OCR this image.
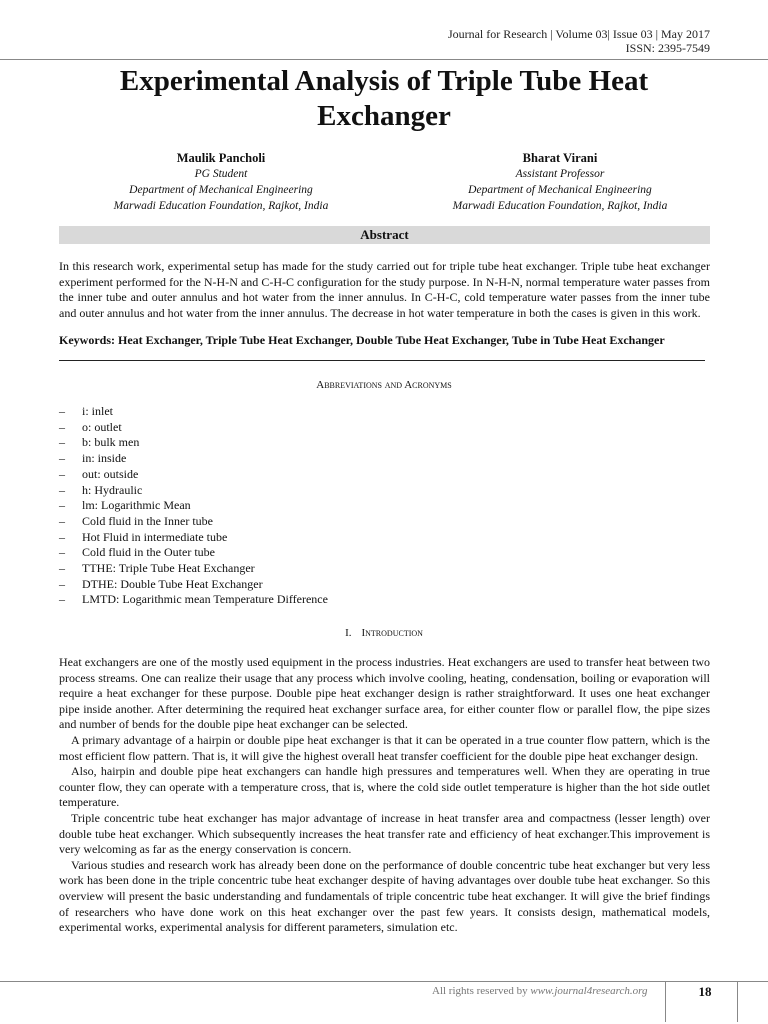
Journal for Research | Volume 03| Issue 03 | May 2017
ISSN: 2395-7549
Experimental Analysis of Triple Tube Heat Exchanger
Maulik Pancholi
PG Student
Department of Mechanical Engineering
Marwadi Education Foundation, Rajkot, India
Bharat Virani
Assistant Professor
Department of Mechanical Engineering
Marwadi Education Foundation, Rajkot, India
Abstract
In this research work, experimental setup has made for the study carried out for triple tube heat exchanger. Triple tube heat exchanger experiment performed for the N-H-N and C-H-C configuration for the study purpose. In N-H-N, normal temperature water passes from the inner tube and outer annulus and hot water from the inner annulus. In C-H-C, cold temperature water passes from the inner tube and outer annulus and hot water from the inner annulus. The decrease in hot water temperature in both the cases is given in this work.
Keywords: Heat Exchanger, Triple Tube Heat Exchanger, Double Tube Heat Exchanger, Tube in Tube Heat Exchanger
Abbreviations and Acronyms
– i: inlet
– o: outlet
– b: bulk men
– in: inside
– out: outside
– h: Hydraulic
– lm: Logarithmic Mean
– Cold fluid in the Inner tube
– Hot Fluid in intermediate tube
– Cold fluid in the Outer tube
– TTHE: Triple Tube Heat Exchanger
– DTHE: Double Tube Heat Exchanger
– LMTD: Logarithmic mean Temperature Difference
I. Introduction

Heat exchangers are one of the mostly used equipment in the process industries. Heat exchangers are used to transfer heat between two process streams. One can realize their usage that any process which involve cooling, heating, condensation, boiling or evaporation will require a heat exchanger for these purpose. Double pipe heat exchanger design is rather straightforward. It uses one heat exchanger pipe inside another. After determining the required heat exchanger surface area, for either counter flow or parallel flow, the pipe sizes and number of bends for the double pipe heat exchanger can be selected.

A primary advantage of a hairpin or double pipe heat exchanger is that it can be operated in a true counter flow pattern, which is the most efficient flow pattern. That is, it will give the highest overall heat transfer coefficient for the double pipe heat exchanger design.

Also, hairpin and double pipe heat exchangers can handle high pressures and temperatures well. When they are operating in true counter flow, they can operate with a temperature cross, that is, where the cold side outlet temperature is higher than the hot side outlet temperature.

Triple concentric tube heat exchanger has major advantage of increase in heat transfer area and compactness (lesser length) over double tube heat exchanger. Which subsequently increases the heat transfer rate and efficiency of heat exchanger.This improvement is very welcoming as far as the energy conservation is concern.

Various studies and research work has already been done on the performance of double concentric tube heat exchanger but very less work has been done in the triple concentric tube heat exchanger despite of having advantages over double tube heat exchanger. So this overview will present the basic understanding and fundamentals of triple concentric tube heat exchanger. It will give the brief findings of researchers who have done work on this heat exchanger over the past few years. It consists design, mathematical models, experimental works, experimental analysis for different parameters, simulation etc.

All rights reserved by www.journal4research.org	18
